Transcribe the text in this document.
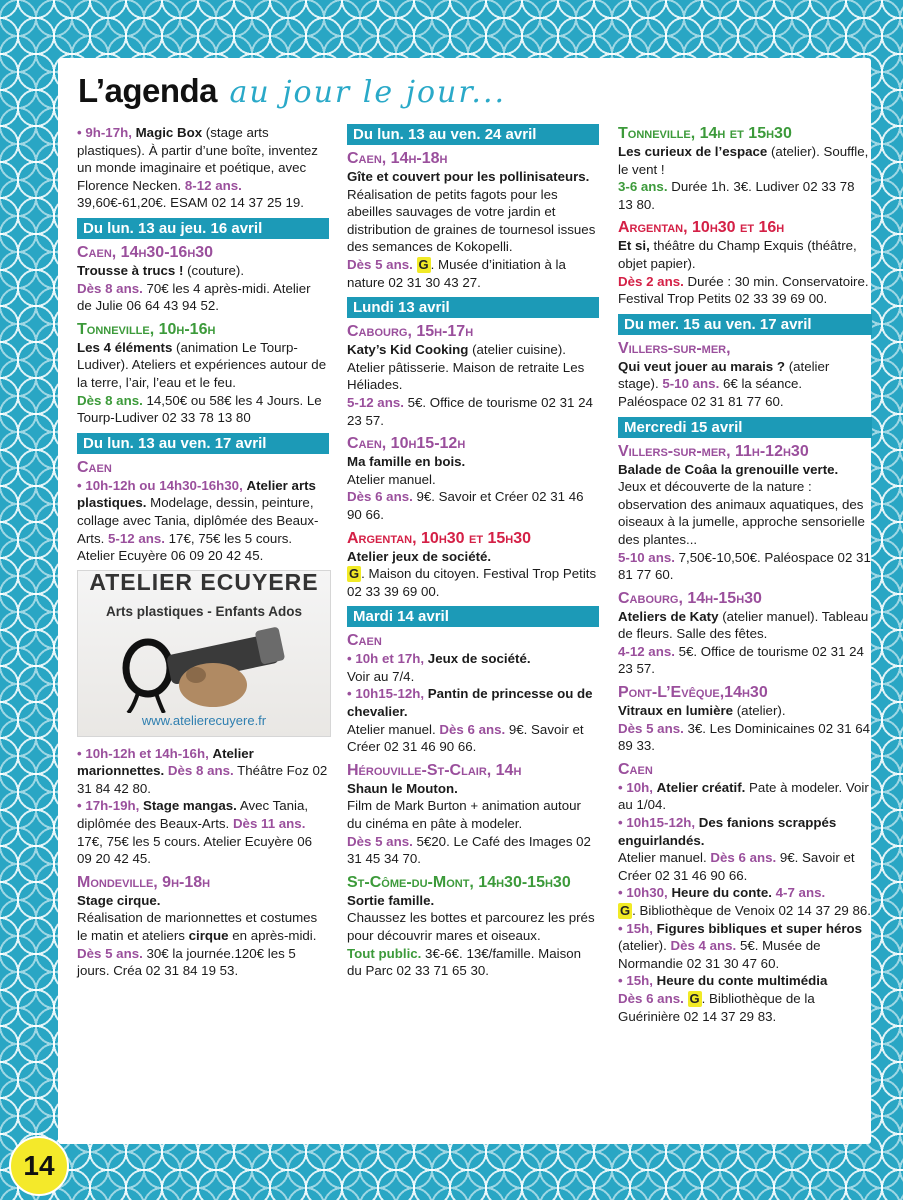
L’agenda au jour le jour...
• 9h-17h, Magic Box (stage arts plastiques). À partir d’une boîte, inventez un monde imaginaire et poétique, avec Florence Necken. 8-12 ans. 39,60€-61,20€. ESAM 02 14 37 25 19.
Du lun. 13 au jeu. 16 avril
Caen, 14h30-16h30
Trousse à trucs ! (couture).
Dès 8 ans. 70€ les 4 après-midi. Atelier de Julie 06 64 43 94 52.
Tonneville, 10h-16h
Les 4 éléments (animation Le Tourp-Ludiver). Ateliers et expériences autour de la terre, l’air, l’eau et le feu.
Dès 8 ans. 14,50€ ou 58€ les 4 Jours. Le Tourp-Ludiver 02 33 78 13 80
Du lun. 13 au ven. 17 avril
Caen
• 10h-12h ou 14h30-16h30, Atelier arts plastiques. Modelage, dessin, peinture, collage avec Tania, diplômée des Beaux-Arts. 5-12 ans. 17€, 75€ les 5 cours. Atelier Ecuyère 06 09 20 42 45.
ATELIER ECUYERE
Arts plastiques - Enfants Ados
www.atelierecuyere.fr
• 10h-12h et 14h-16h, Atelier marionnettes. Dès 8 ans. Théâtre Foz 02 31 84 42 80.
• 17h-19h, Stage mangas. Avec Tania, diplômée des Beaux-Arts. Dès 11 ans. 17€, 75€ les 5 cours. Atelier Ecuyère 06 09 20 42 45.
Mondeville, 9h-18h
Stage cirque.
Réalisation de marionnettes et costumes le matin et ateliers cirque en après-midi.
Dès 5 ans. 30€ la journée.120€ les 5 jours. Créa 02 31 84 19 53.
Du lun. 13 au ven. 24 avril
Caen, 14h-18h
Gîte et couvert pour les pollinisateurs.
Réalisation de petits fagots pour les abeilles sauvages de votre jardin et distribution de graines de tournesol issues des semances de Kokopelli.
Dès 5 ans. G . Musée d’initiation à la nature 02 31 30 43 27.
Lundi 13 avril
Cabourg, 15h-17h
Katy’s Kid Cooking (atelier cuisine).
Atelier pâtisserie. Maison de retraite Les Héliades.
5-12 ans. 5€. Office de tourisme 02 31 24 23 57.
Caen, 10h15-12h
Ma famille en bois.
Atelier manuel.
Dès 6 ans. 9€. Savoir et Créer 02 31 46 90 66.
Argentan, 10h30 et 15h30
Atelier jeux de société.
G . Maison du citoyen. Festival Trop Petits 02 33 39 69 00.
Mardi 14 avril
Caen
• 10h et 17h, Jeux de société.
Voir au 7/4.
• 10h15-12h, Pantin de princesse ou de chevalier.
Atelier manuel. Dès 6 ans. 9€. Savoir et Créer 02 31 46 90 66.
Hérouville-St-Clair, 14h
Shaun le Mouton.
Film de Mark Burton + animation autour du cinéma en pâte à modeler.
Dès 5 ans. 5€20. Le Café des Images 02 31 45 34 70.
St-Côme-du-Mont, 14h30-15h30
Sortie famille.
Chaussez les bottes et parcourez les prés pour découvrir mares et oiseaux.
Tout public. 3€-6€. 13€/famille. Maison du Parc 02 33 71 65 30.
Tonneville, 14h et 15h30
Les curieux de l’espace (atelier). Souffle, le vent !
3-6 ans. Durée 1h. 3€. Ludiver 02 33 78 13 80.
Argentan, 10h30 et 16h
Et si, théâtre du Champ Exquis (théâtre, objet papier).
Dès 2 ans. Durée : 30 min. Conservatoire. Festival Trop Petits 02 33 39 69 00.
Du mer. 15 au ven. 17 avril
Villers-sur-mer,
Qui veut jouer au marais ? (atelier stage). 5-10 ans. 6€ la séance. Paléospace 02 31 81 77 60.
Mercredi 15 avril
Villers-sur-mer, 11h-12h30
Balade de Coâa la grenouille verte.
Jeux et découverte de la nature : observation des animaux aquatiques, des oiseaux à la jumelle, approche sensorielle des plantes...
5-10 ans. 7,50€-10,50€. Paléospace 02 31 81 77 60.
Cabourg, 14h-15h30
Ateliers de Katy (atelier manuel). Tableau de fleurs. Salle des fêtes.
4-12 ans. 5€. Office de tourisme 02 31 24 23 57.
Pont-L’Evêque,14h30
Vitraux en lumière (atelier).
Dès 5 ans. 3€. Les Dominicaines 02 31 64 89 33.
Caen
• 10h, Atelier créatif. Pate à modeler. Voir au 1/04.
• 10h15-12h, Des fanions scrappés enguirlandés.
Atelier manuel. Dès 6 ans. 9€. Savoir et Créer 02 31 46 90 66.
• 10h30, Heure du conte. 4-7 ans.
G . Bibliothèque de Venoix 02 14 37 29 86.
• 15h, Figures bibliques et super héros (atelier). Dès 4 ans. 5€. Musée de Normandie 02 31 30 47 60.
• 15h, Heure du conte multimédia
Dès 6 ans. G . Bibliothèque de la Guérinière 02 14 37 29 83.
14
